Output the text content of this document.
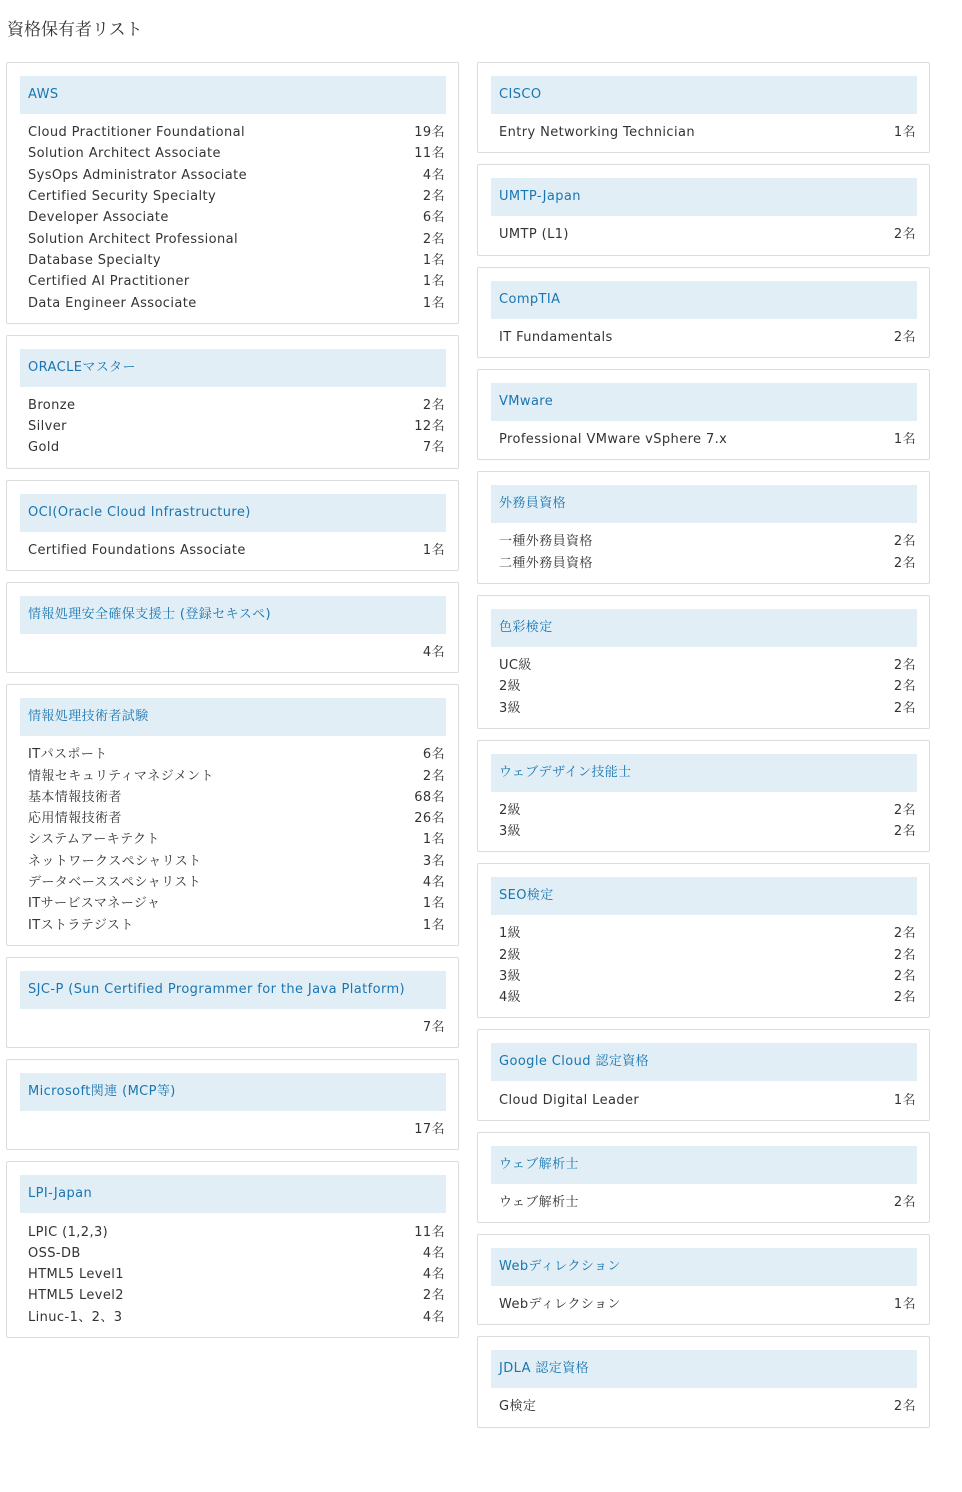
資格保有者リスト
AWS
Cloud Practitioner Foundational	19名
Solution Architect Associate	11名
SysOps Administrator Associate	4名
Certified Security Specialty	2名
Developer Associate	6名
Solution Architect Professional	2名
Database Specialty	1名
Certified AI Practitioner	1名
Data Engineer Associate	1名
ORACLEマスター
Bronze	2名
Silver	12名
Gold	7名
OCI(Oracle Cloud Infrastructure)
Certified Foundations Associate	1名
情報処理安全確保支援士 (登録セキスペ)
4名
情報処理技術者試験
ITパスポート	6名
情報セキュリティマネジメント	2名
基本情報技術者	68名
応用情報技術者	26名
システムアーキテクト	1名
ネットワークスペシャリスト	3名
データベーススペシャリスト	4名
ITサービスマネージャ	1名
ITストラテジスト	1名
SJC-P (Sun Certified Programmer for the Java Platform)
7名
Microsoft関連 (MCP等)
17名
LPI-Japan
LPIC (1,2,3)	11名
OSS-DB	4名
HTML5 Level1	4名
HTML5 Level2	2名
Linuc-1、2、3	4名
CISCO
Entry Networking Technician	1名
UMTP-Japan
UMTP (L1)	2名
CompTIA
IT Fundamentals	2名
VMware
Professional VMware vSphere 7.x	1名
外務員資格
一種外務員資格	2名
二種外務員資格	2名
色彩検定
UC級	2名
2級	2名
3級	2名
ウェブデザイン技能士
2級	2名
3級	2名
SEO検定
1級	2名
2級	2名
3級	2名
4級	2名
Google Cloud 認定資格
Cloud Digital Leader	1名
ウェブ解析士
ウェブ解析士	2名
Webディレクション
Webディレクション	1名
JDLA 認定資格
G検定	2名
